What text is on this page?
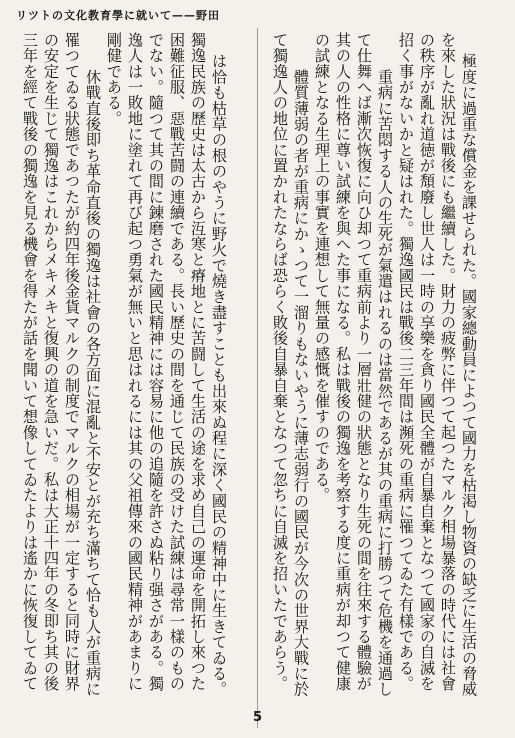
リツトの文化教育學に就いて——野田

極度に過重な償金を課せられた。國家總動員によつて國力を枯渇し物資の缺乏に生活の脅威を來した狀況は戰後にも繼續した。財力の疲弊に伴つて起つたマルク相場暴落の時代には社會の秩序が亂れ道徳が頽廢し世人は一時の享樂を貪り國民全體が自暴自棄となつて國家の自滅を招く事がないかと疑はれた。獨逸國民は戰後二三年間は瀕死の重病に罹つてゐた有樣である。
　重病に苦悶する人の生死が氣遣はれるのは當然であるが其の重病に打勝つて危機を通過して仕舞へば漸次恢復に向ひ却つて重病前より一層壯健の狀態となり生死の間を往來する體驗が其の人の性格に尊い試練を與へた事になる。私は戰後の獨逸を考察する度に重病が却つて健康の試練となる生理上の事實を連想して無量の感慨を催すのである。
　體質薄弱の者が重病にかゝつて一溜りもないやうに薄志弱行の國民が今次の世界大戰に於て獨逸人の地位に置かれたならば恐らく敗後自暴自棄となつて忽ちに自滅を招いたであらう。

は恰も枯草の根のやうに野火で燒き盡すことも出來ぬ程に深く國民の精神中に生きてゐる。獨逸民族の歷史は太古から沍寒と瘠地とに苦闘して生活の途を求め自己の運命を開拓し來つた困難征服、惡戰苦闘の連續である。長い歷史の間を通じて民族の受けた試練は尋常一樣のものでない。隨つて其の間に錬磨された國民精神には容易に他の追隨を許さぬ粘り强さがある。獨逸人は一敗地に塗れて再び起つ勇氣が無いと思はれるには其の父祖傳來の國民精神があまりに剛健である。
　休戰直後即ち革命直後の獨逸は社會の各方面に混亂と不安とが充ち滿ちて恰も人が重病に罹つてゐる狀態であつたが約四年後金貨マルクの制度でマルクの相場が一定すると同時に財界の安定を生じて獨逸はこれからメキメキと復興の道を急いだ。私は大正十四年の冬即ち其の後三年を經て戰後の獨逸を見る機會を得たが話を聞いて想像してゐたよりは遙かに恢復してゐて

5
